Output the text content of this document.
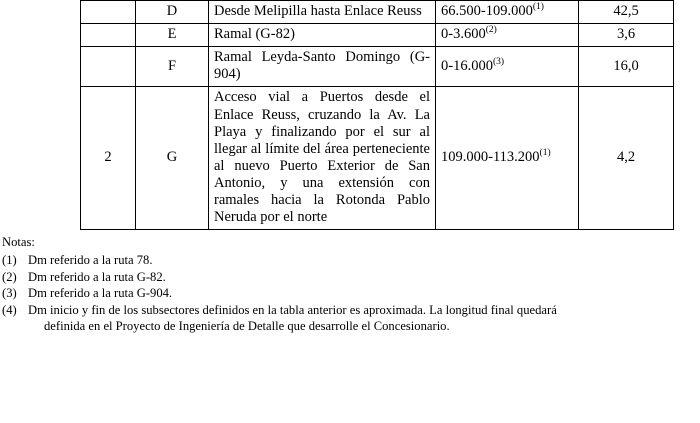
	D	Desde Melipilla hasta Enlace Reuss	66.500-109.000$^{(1)}$	42,5
	E	Ramal (G-82)	0-3.600$^{(2)}$	3,6
	F	Ramal Leyda-Santo Domingo (G-904)	0-16.000$^{(3)}$	16,0
2	G	Acceso vial a Puertos desde el Enlace Reuss, cruzando la Av. La Playa y finalizando por el sur al llegar al límite del área perteneciente al nuevo Puerto Exterior de San Antonio, y una extensión con ramales hacia la Rotonda Pablo Neruda por el norte	109.000-113.200$^{(1)}$	4,2
Notas:
(1) Dm referido a la ruta 78.
(2) Dm referido a la ruta G-82.
(3) Dm referido a la ruta G-904.
(4) Dm inicio y fin de los subsectores definidos en la tabla anterior es aproximada. La longitud final quedará
definida en el Proyecto de Ingeniería de Detalle que desarrolle el Concesionario.
